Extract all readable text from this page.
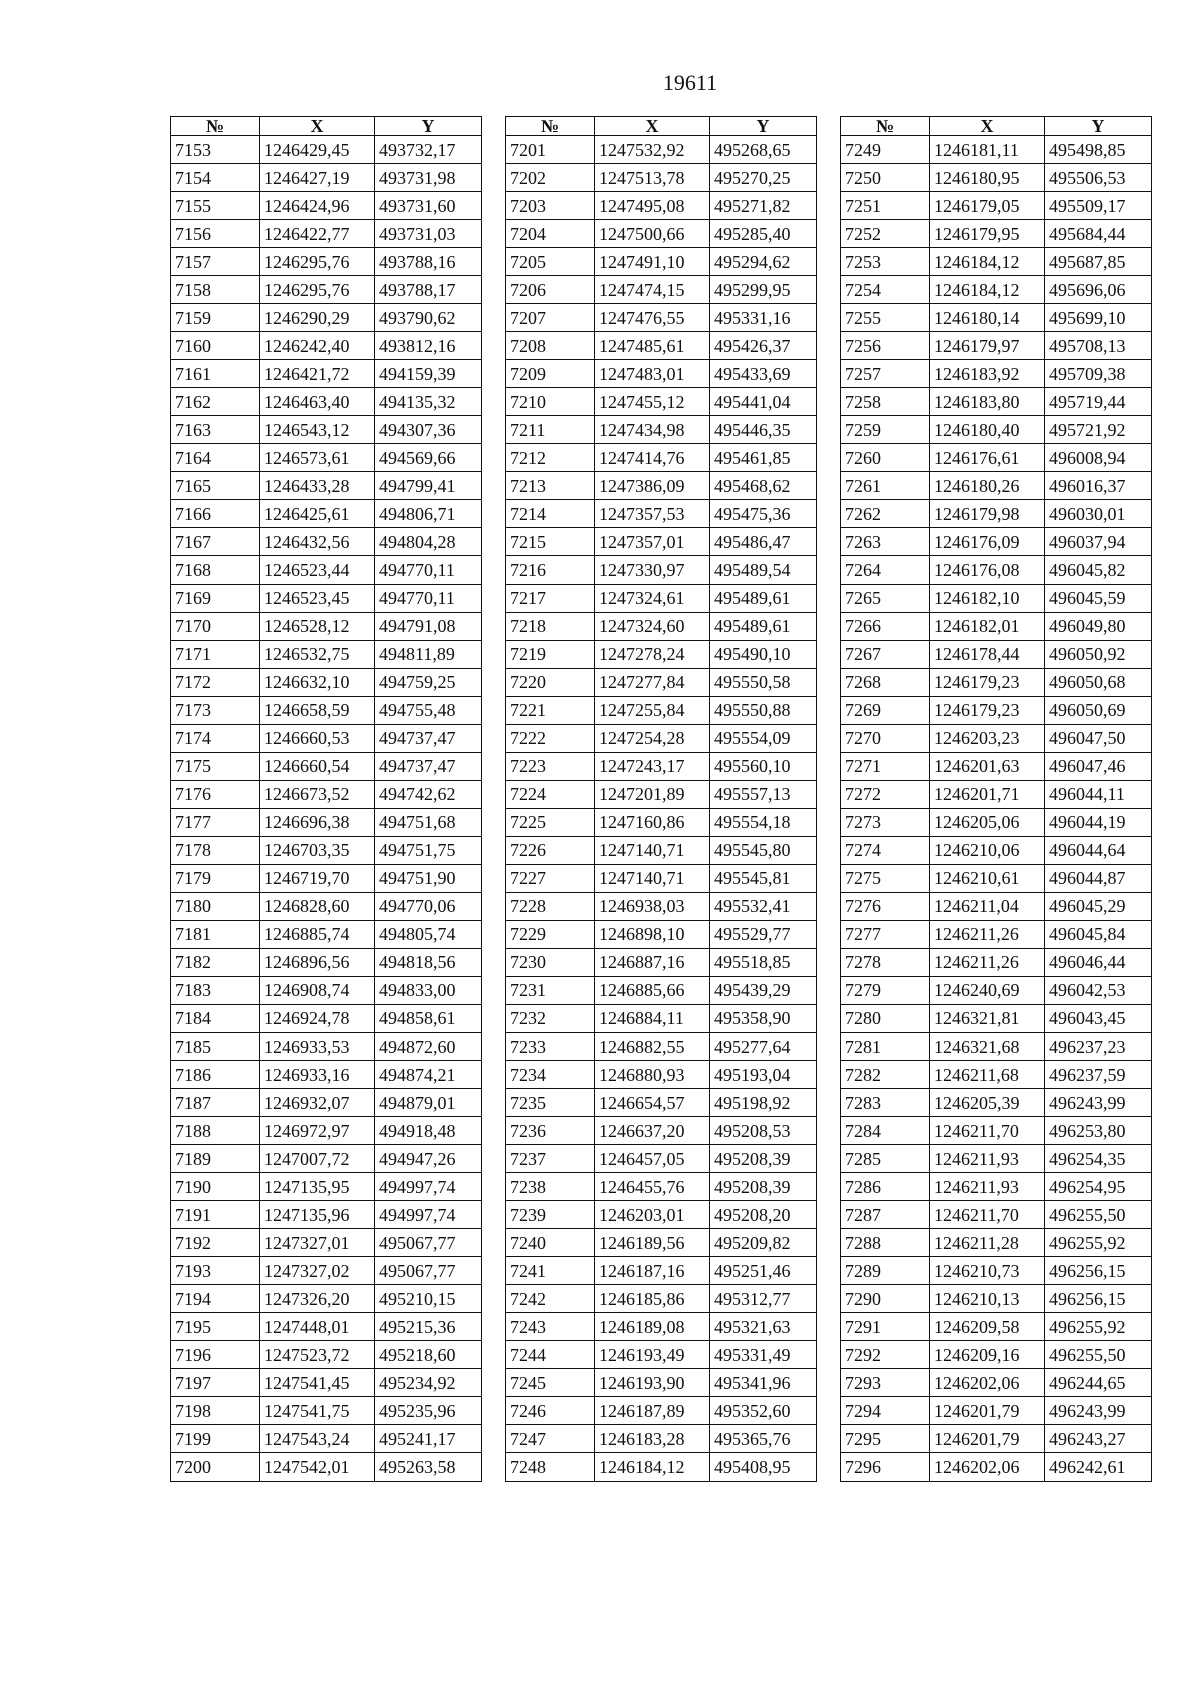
19611
№	X	Y
7153	1246429,45	493732,17
7154	1246427,19	493731,98
7155	1246424,96	493731,60
7156	1246422,77	493731,03
7157	1246295,76	493788,16
7158	1246295,76	493788,17
7159	1246290,29	493790,62
7160	1246242,40	493812,16
7161	1246421,72	494159,39
7162	1246463,40	494135,32
7163	1246543,12	494307,36
7164	1246573,61	494569,66
7165	1246433,28	494799,41
7166	1246425,61	494806,71
7167	1246432,56	494804,28
7168	1246523,44	494770,11
7169	1246523,45	494770,11
7170	1246528,12	494791,08
7171	1246532,75	494811,89
7172	1246632,10	494759,25
7173	1246658,59	494755,48
7174	1246660,53	494737,47
7175	1246660,54	494737,47
7176	1246673,52	494742,62
7177	1246696,38	494751,68
7178	1246703,35	494751,75
7179	1246719,70	494751,90
7180	1246828,60	494770,06
7181	1246885,74	494805,74
7182	1246896,56	494818,56
7183	1246908,74	494833,00
7184	1246924,78	494858,61
7185	1246933,53	494872,60
7186	1246933,16	494874,21
7187	1246932,07	494879,01
7188	1246972,97	494918,48
7189	1247007,72	494947,26
7190	1247135,95	494997,74
7191	1247135,96	494997,74
7192	1247327,01	495067,77
7193	1247327,02	495067,77
7194	1247326,20	495210,15
7195	1247448,01	495215,36
7196	1247523,72	495218,60
7197	1247541,45	495234,92
7198	1247541,75	495235,96
7199	1247543,24	495241,17
7200	1247542,01	495263,58
№	X	Y
7201	1247532,92	495268,65
7202	1247513,78	495270,25
7203	1247495,08	495271,82
7204	1247500,66	495285,40
7205	1247491,10	495294,62
7206	1247474,15	495299,95
7207	1247476,55	495331,16
7208	1247485,61	495426,37
7209	1247483,01	495433,69
7210	1247455,12	495441,04
7211	1247434,98	495446,35
7212	1247414,76	495461,85
7213	1247386,09	495468,62
7214	1247357,53	495475,36
7215	1247357,01	495486,47
7216	1247330,97	495489,54
7217	1247324,61	495489,61
7218	1247324,60	495489,61
7219	1247278,24	495490,10
7220	1247277,84	495550,58
7221	1247255,84	495550,88
7222	1247254,28	495554,09
7223	1247243,17	495560,10
7224	1247201,89	495557,13
7225	1247160,86	495554,18
7226	1247140,71	495545,80
7227	1247140,71	495545,81
7228	1246938,03	495532,41
7229	1246898,10	495529,77
7230	1246887,16	495518,85
7231	1246885,66	495439,29
7232	1246884,11	495358,90
7233	1246882,55	495277,64
7234	1246880,93	495193,04
7235	1246654,57	495198,92
7236	1246637,20	495208,53
7237	1246457,05	495208,39
7238	1246455,76	495208,39
7239	1246203,01	495208,20
7240	1246189,56	495209,82
7241	1246187,16	495251,46
7242	1246185,86	495312,77
7243	1246189,08	495321,63
7244	1246193,49	495331,49
7245	1246193,90	495341,96
7246	1246187,89	495352,60
7247	1246183,28	495365,76
7248	1246184,12	495408,95
№	X	Y
7249	1246181,11	495498,85
7250	1246180,95	495506,53
7251	1246179,05	495509,17
7252	1246179,95	495684,44
7253	1246184,12	495687,85
7254	1246184,12	495696,06
7255	1246180,14	495699,10
7256	1246179,97	495708,13
7257	1246183,92	495709,38
7258	1246183,80	495719,44
7259	1246180,40	495721,92
7260	1246176,61	496008,94
7261	1246180,26	496016,37
7262	1246179,98	496030,01
7263	1246176,09	496037,94
7264	1246176,08	496045,82
7265	1246182,10	496045,59
7266	1246182,01	496049,80
7267	1246178,44	496050,92
7268	1246179,23	496050,68
7269	1246179,23	496050,69
7270	1246203,23	496047,50
7271	1246201,63	496047,46
7272	1246201,71	496044,11
7273	1246205,06	496044,19
7274	1246210,06	496044,64
7275	1246210,61	496044,87
7276	1246211,04	496045,29
7277	1246211,26	496045,84
7278	1246211,26	496046,44
7279	1246240,69	496042,53
7280	1246321,81	496043,45
7281	1246321,68	496237,23
7282	1246211,68	496237,59
7283	1246205,39	496243,99
7284	1246211,70	496253,80
7285	1246211,93	496254,35
7286	1246211,93	496254,95
7287	1246211,70	496255,50
7288	1246211,28	496255,92
7289	1246210,73	496256,15
7290	1246210,13	496256,15
7291	1246209,58	496255,92
7292	1246209,16	496255,50
7293	1246202,06	496244,65
7294	1246201,79	496243,99
7295	1246201,79	496243,27
7296	1246202,06	496242,61
